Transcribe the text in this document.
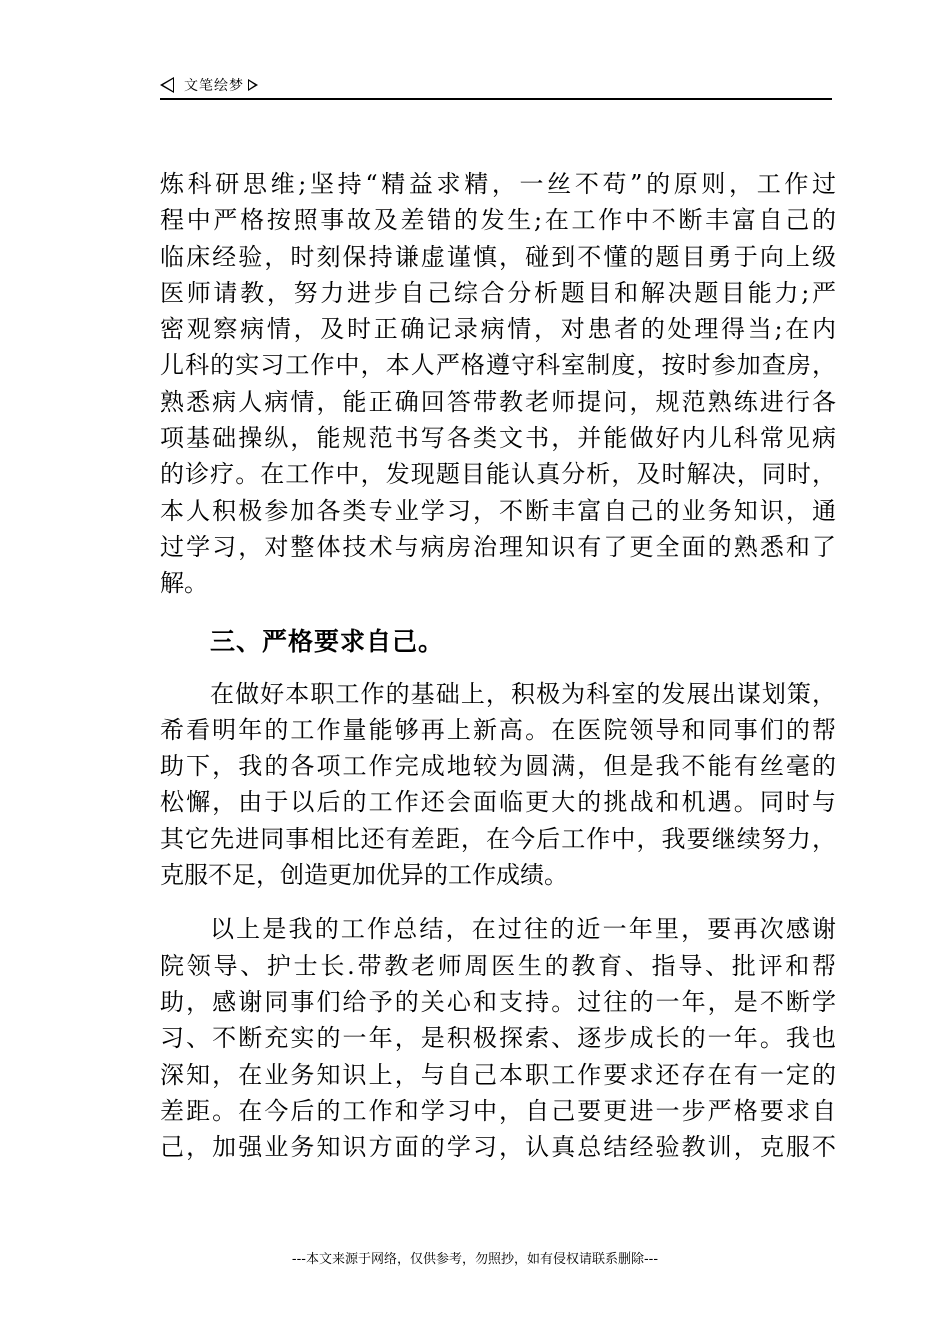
文笔绘梦
炼科研思维;坚持“精益求精，一丝不苟”的原则，工作过
程中严格按照事故及差错的发生;在工作中不断丰富自己的
临床经验，时刻保持谦虚谨慎，碰到不懂的题目勇于向上级
医师请教，努力进步自己综合分析题目和解决题目能力;严
密观察病情，及时正确记录病情，对患者的处理得当;在内
儿科的实习工作中，本人严格遵守科室制度，按时参加查房，
熟悉病人病情，能正确回答带教老师提问，规范熟练进行各
项基础操纵，能规范书写各类文书，并能做好内儿科常见病
的诊疗。在工作中，发现题目能认真分析，及时解决，同时，
本人积极参加各类专业学习，不断丰富自己的业务知识，通
过学习，对整体技术与病房治理知识有了更全面的熟悉和了
解。
三、严格要求自己。
在做好本职工作的基础上，积极为科室的发展出谋划策，
希看明年的工作量能够再上新高。在医院领导和同事们的帮
助下，我的各项工作完成地较为圆满，但是我不能有丝毫的
松懈，由于以后的工作还会面临更大的挑战和机遇。同时与
其它先进同事相比还有差距，在今后工作中，我要继续努力，
克服不足，创造更加优异的工作成绩。
以上是我的工作总结，在过往的近一年里，要再次感谢
院领导、护士长.带教老师周医生的教育、指导、批评和帮
助，感谢同事们给予的关心和支持。过往的一年，是不断学
习、不断充实的一年，是积极探索、逐步成长的一年。我也
深知，在业务知识上，与自己本职工作要求还存在有一定的
差距。在今后的工作和学习中，自己要更进一步严格要求自
己，加强业务知识方面的学习，认真总结经验教训，克服不
---本文来源于网络，仅供参考，勿照抄，如有侵权请联系删除---
